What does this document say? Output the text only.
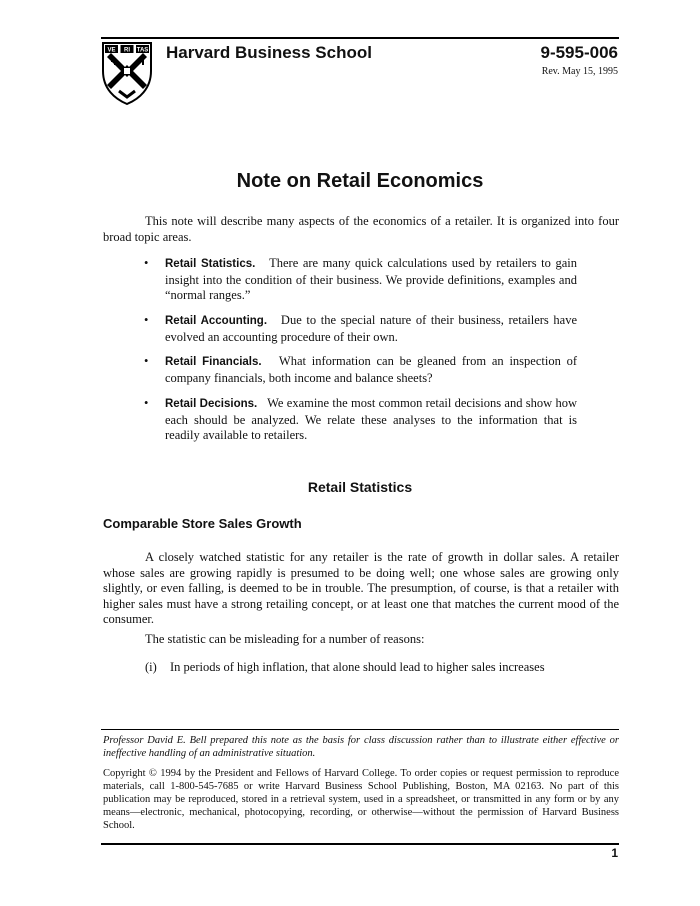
VE RI TAS Harvard Business School	9-595-006
Rev. May 15, 1995
Note on Retail Economics
This note will describe many aspects of the economics of a retailer. It is organized into four broad topic areas.
• Retail Statistics. There are many quick calculations used by retailers to gain insight into the condition of their business. We provide definitions, examples and “normal ranges.”
• Retail Accounting. Due to the special nature of their business, retailers have evolved an accounting procedure of their own.
• Retail Financials. What information can be gleaned from an inspection of company financials, both income and balance sheets?
• Retail Decisions. We examine the most common retail decisions and show how each should be analyzed. We relate these analyses to the information that is readily available to retailers.
Retail Statistics
Comparable Store Sales Growth
A closely watched statistic for any retailer is the rate of growth in dollar sales. A retailer whose sales are growing rapidly is presumed to be doing well; one whose sales are growing only slightly, or even falling, is deemed to be in trouble. The presumption, of course, is that a retailer with higher sales must have a strong retailing concept, or at least one that matches the current mood of the consumer.
The statistic can be misleading for a number of reasons:
(i) In periods of high inflation, that alone should lead to higher sales increases
Professor David E. Bell prepared this note as the basis for class discussion rather than to illustrate either effective or ineffective handling of an administrative situation.
Copyright © 1994 by the President and Fellows of Harvard College. To order copies or request permission to reproduce materials, call 1-800-545-7685 or write Harvard Business School Publishing, Boston, MA 02163. No part of this publication may be reproduced, stored in a retrieval system, used in a spreadsheet, or transmitted in any form or by any means—electronic, mechanical, photocopying, recording, or otherwise—without the permission of Harvard Business School.
1
